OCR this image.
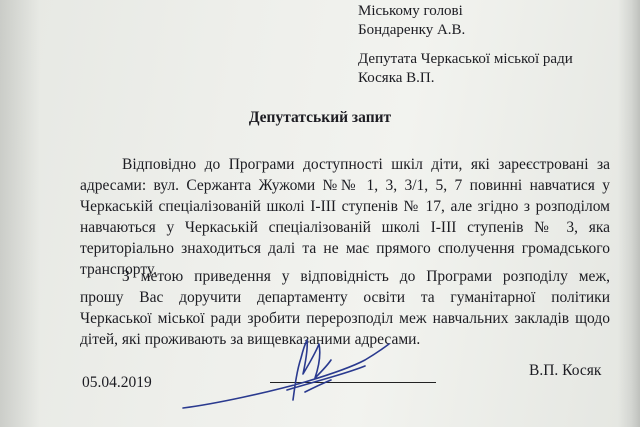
Міському голові
Бондаренку А.В.
Депутата Черкаської міської ради
Косяка В.П.
Депутатський запит
Відповідно до Програми доступності шкіл діти, які зареєстровані за
адресами: вул. Сержанта Жужоми №№ 1, 3, 3/1, 5, 7 повинні навчатися у
Черкаській спеціалізованій школі І-ІІІ ступенів № 17, але згідно з розподілом
навчаються у Черкаській спеціалізованій школі І-ІІІ ступенів № 3, яка
територіально знаходиться далі та не має прямого сполучення громадського
транспорту.
З метою приведення у відповідність до Програми розподілу меж,
прошу Вас доручити департаменту освіти та гуманітарної політики
Черкаської міської ради зробити перерозподіл меж навчальних закладів щодо
дітей, які проживають за вищевказаними адресами.
05.04.2019
В.П. Косяк
